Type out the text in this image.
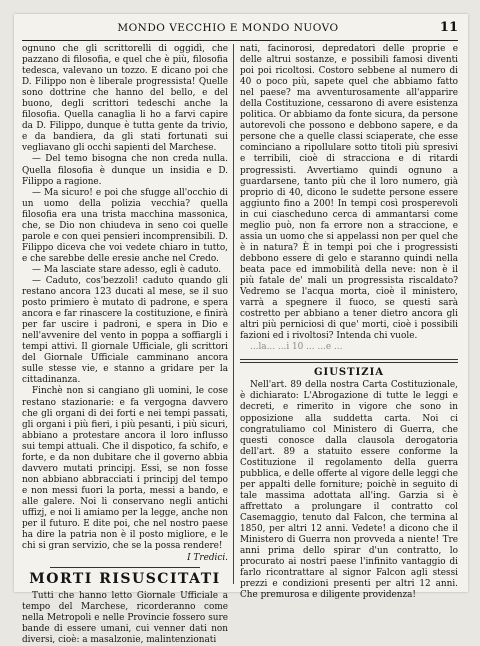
MONDO VECCHIO E MONDO NUOVO	11

ognuno che gli scrittorelli di oggidì, che pazzano di filosofia, e quel che è più, filosofia tedesca, valevano un tozzo. E dicano poi che D. Filippo non è liberale progressista! Quelle sono dottrine che hanno del bello, e del buono, degli scrittori tedeschi anche la filosofia. Quella canaglia li ho a farvi capire da D. Filippo, dunque è tutta gente da trivio, e da bandiera, da gli stati fortunati sui vegliavano gli occhi sapienti del Marchese.

— Del temo bisogna che non creda nulla. Quella filosofia è dunque un insidia e D. Filippo a ragione.

— Ma sicuro! e poi che sfugge all'occhio di un uomo della polizia vecchia? quella filosofia era una trista macchina massonica, che, se Dio non chiudeva in seno coi quelle parole e con quei pensieri incomprensibili. D. Filippo diceva che voi vedete chiaro in tutto, e che sarebbe delle eresie anche nel Credo.

— Ma lasciate stare adesso, egli è caduto.

— Caduto, cos'bezzoli! caduto quando gli restano ancora 123 ducati al mese, se il suo posto primiero è mutato di padrone, e spera ancora e far rinascere la costituzione, e finirà per far uscire i padroni, e spera in Dio e nell'avvenire del vento in poppa a soffiargli i tempi attivi. Il giornale Ufficiale, gli scrittori del Giornale Ufficiale camminano ancora sulle stesse vie, e stanno a gridare per la cittadinanza.

Finchè non si cangiano gli uomini, le cose restano stazionarie: e fa vergogna davvero che gli organi di dei forti e nei tempi passati, gli organi i più fieri, i più pesanti, i più sicuri, abbiano a protestare ancora il loro influsso sui tempi attuali. Che il dispotico, fa schifo, e forte, e da non dubitare che il governo abbia davvero mutati principj. Essi, se non fosse non abbiano abbracciati i principj del tempo e non messi fuori la porta, messi a bando, e alle galere. Noi li conservano negli antichi uffizj, e noi li amiamo per la legge, anche non per il futuro. E dite poi, che nel nostro paese ha dire la patria non è il posto migliore, e le chi si gran servizio, che se la possa rendere!

I Tredici.
MORTI RISUSCITATI

Tutti che hanno letto Giornale Ufficiale a tempo del Marchese, ricorderanno come nella Metropoli e nelle Provincie fossero sure bande di essere umani, cui venner dati non diversi, cioè: a masalzonie, malintenzionati

nati, facinorosi, depredatori delle proprie e delle altrui sostanze, e possibili famosi diventi poi poi ricoltosi. Costoro sebbene al numero di 40 o poco più, sapete quel che abbiamo fatto nel paese? ma avventurosamente all'apparire della Costituzione, cessarono di avere esistenza politica. Or abbiamo da fonte sicura, da persone autorevoli che possono e debbono sapere, e da persone che a quelle classi sciaperate, che esse cominciano a ripollulare sotto titoli più spresivi e terribili, cioè di stracciona e di ritardi progressisti. Avvertiamo quindi ognuno a guardarsene, tanto più che il loro numero, già proprio di 40, dicono le sudette persone essere aggiunto fino a 200! In tempi così prosperevoli in cui ciascheduno cerca di ammantarsi come meglio può, non fa errore non a straccione, e assia un uomo che si appelassi non per quel che è in natura? È in tempi poi che i progressisti debbono essere di gelo e staranno quindi nella beata pace ed immobilità della neve: non è il più fatale de' mali un progressista riscaldato? Vedremo se l'acqua morta, cioè il ministero, varrà a spegnere il fuoco, se questi sarà costretto per abbiano a tener dietro ancora gli altri più perniciosi di que' morti, cioè i possibili fazioni ed i rivoltosi? Intenda chi vuole.

...la... ...i 10 ... ...e ...

GIUSTIZIA

Nell'art. 89 della nostra Carta Costituzionale, è dichiarato: L'Abrogazione di tutte le leggi e decreti, e rimerito in vigore che sono in opposizione alla suddetta carta. Noi ci congratuliamo col Ministero di Guerra, che questi conosce dalla clausola derogatoria dell'art. 89 a statuito essere conforme la Costituzione il regolamento della guerra pubblica, e delle offerte al vigore delle leggi che per appalti delle forniture; poichè in seguito di tale massima adottata all'ing. Garzia si è affrettato a prolungare il contratto col Casemaggio, tenuto dal Falcon, che termina al 1850, per altri 12 anni. Vedete! a dicono che il Ministero di Guerra non provveda a niente! Tre anni prima dello spirar d'un contratto, lo procurato ai nostri paese l'infinito vantaggio di farlo ricontrattare al signor Falcon agli stessi prezzi e condizioni presenti per altri 12 anni. Che premurosa e diligente providenza!
